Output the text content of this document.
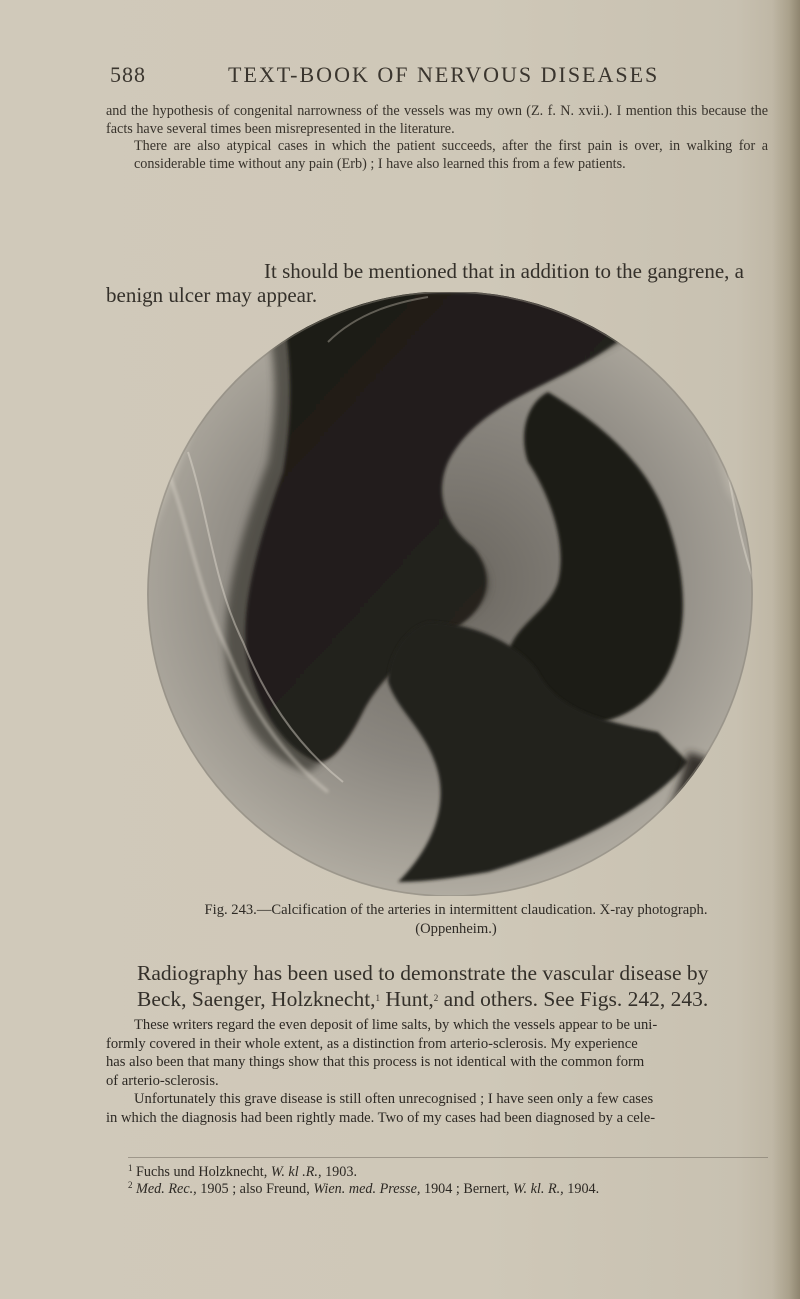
588	TEXT-BOOK OF NERVOUS DISEASES
and the hypothesis of congenital narrowness of the vessels was my own (Z. f. N. xvii.). I mention this because the facts have several times been misrepresented in the literature.
There are also atypical cases in which the patient succeeds, after the first pain is over, in walking for a considerable time without any pain (Erb) ; I have also learned this from a few patients.
It should be mentioned that in addition to the gangrene, a benign ulcer may appear.
Fig. 243.—Calcification of the arteries in intermittent claudication. X-ray photograph.
(Oppenheim.)
Radiography has been used to demonstrate the vascular disease by
Beck, Saenger, Holzknecht,$^1$ Hunt,$^2$ and others. See Figs. 242, 243.
These writers regard the even deposit of lime salts, by which the vessels appear to be uni-
formly covered in their whole extent, as a distinction from arterio-sclerosis. My experience
has also been that many things show that this process is not identical with the common form
of arterio-sclerosis.
Unfortunately this grave disease is still often unrecognised ; I have seen only a few cases
in which the diagnosis had been rightly made. Two of my cases had been diagnosed by a cele-
$^1$ Fuchs und Holzknecht, W. kl .R., 1903.
$^2$ Med. Rec., 1905 ; also Freund, Wien. med. Presse, 1904 ; Bernert, W. kl. R., 1904.
